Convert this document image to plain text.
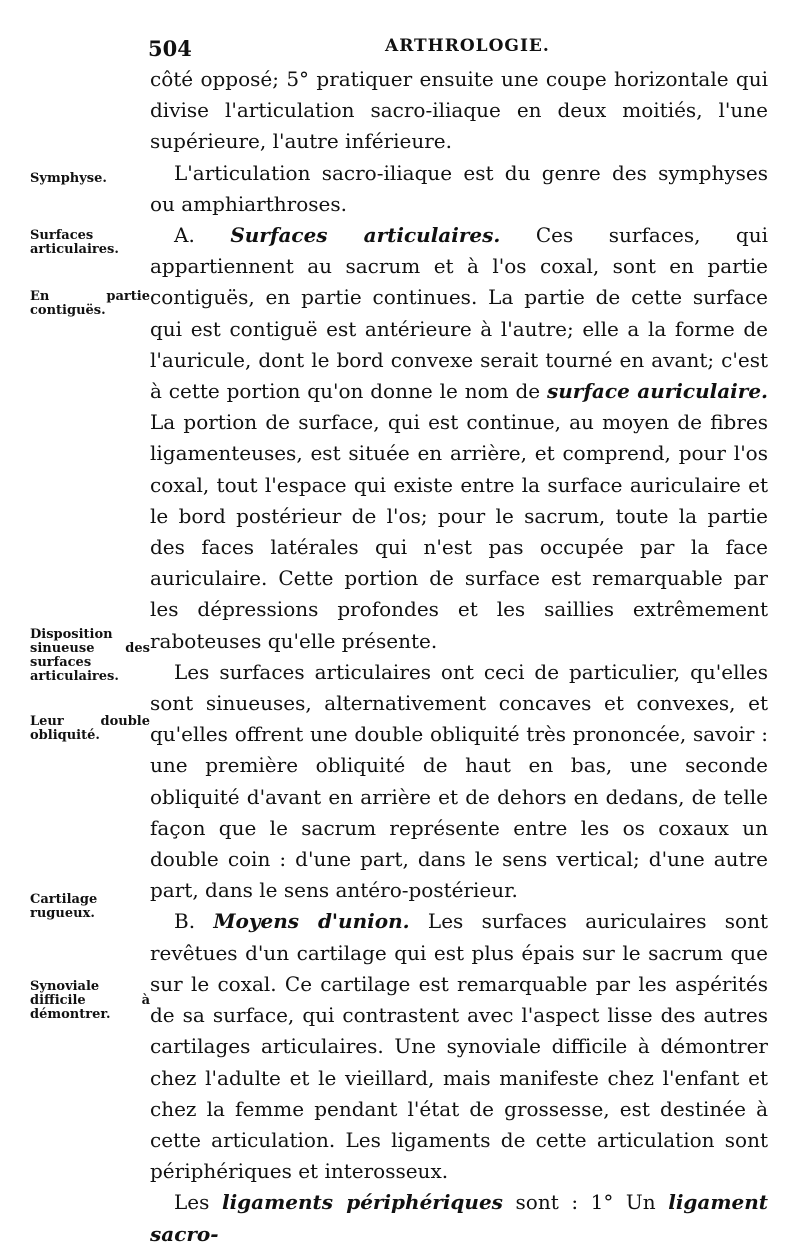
504	ARTHROLOGIE.
Symphyse.
Surfaces articulaires.
En partie contiguës.
Disposition sinueuse des surfaces articulaires.
Leur double obliquité.
Cartilage rugueux.
Synoviale difficile à démontrer.

côté opposé; 5° pratiquer ensuite une coupe horizontale qui divise l'articulation sacro-iliaque en deux moitiés, l'une supérieure, l'autre inférieure.

L'articulation sacro-iliaque est du genre des symphyses ou amphiarthroses.

A. Surfaces articulaires. Ces surfaces, qui appartiennent au sacrum et à l'os coxal, sont en partie contiguës, en partie continues. La partie de cette surface qui est contiguë est antérieure à l'autre; elle a la forme de l'auricule, dont le bord convexe serait tourné en avant; c'est à cette portion qu'on donne le nom de surface auriculaire. La portion de surface, qui est continue, au moyen de fibres ligamenteuses, est située en arrière, et comprend, pour l'os coxal, tout l'espace qui existe entre la surface auriculaire et le bord postérieur de l'os; pour le sacrum, toute la partie des faces latérales qui n'est pas occupée par la face auriculaire. Cette portion de surface est remarquable par les dépressions profondes et les saillies extrêmement raboteuses qu'elle présente.

Les surfaces articulaires ont ceci de particulier, qu'elles sont sinueuses, alternativement concaves et convexes, et qu'elles offrent une double obliquité très prononcée, savoir : une première obliquité de haut en bas, une seconde obliquité d'avant en arrière et de dehors en dedans, de telle façon que le sacrum représente entre les os coxaux un double coin : d'une part, dans le sens vertical; d'une autre part, dans le sens antéro-postérieur.

B. Moyens d'union. Les surfaces auriculaires sont revêtues d'un cartilage qui est plus épais sur le sacrum que sur le coxal. Ce cartilage est remarquable par les aspérités de sa surface, qui contrastent avec l'aspect lisse des autres cartilages articulaires. Une synoviale difficile à démontrer chez l'adulte et le vieillard, mais manifeste chez l'enfant et chez la femme pendant l'état de grossesse, est destinée à cette articulation. Les ligaments de cette articulation sont périphériques et interosseux.

Les ligaments périphériques sont : 1° Un ligament sacro-
